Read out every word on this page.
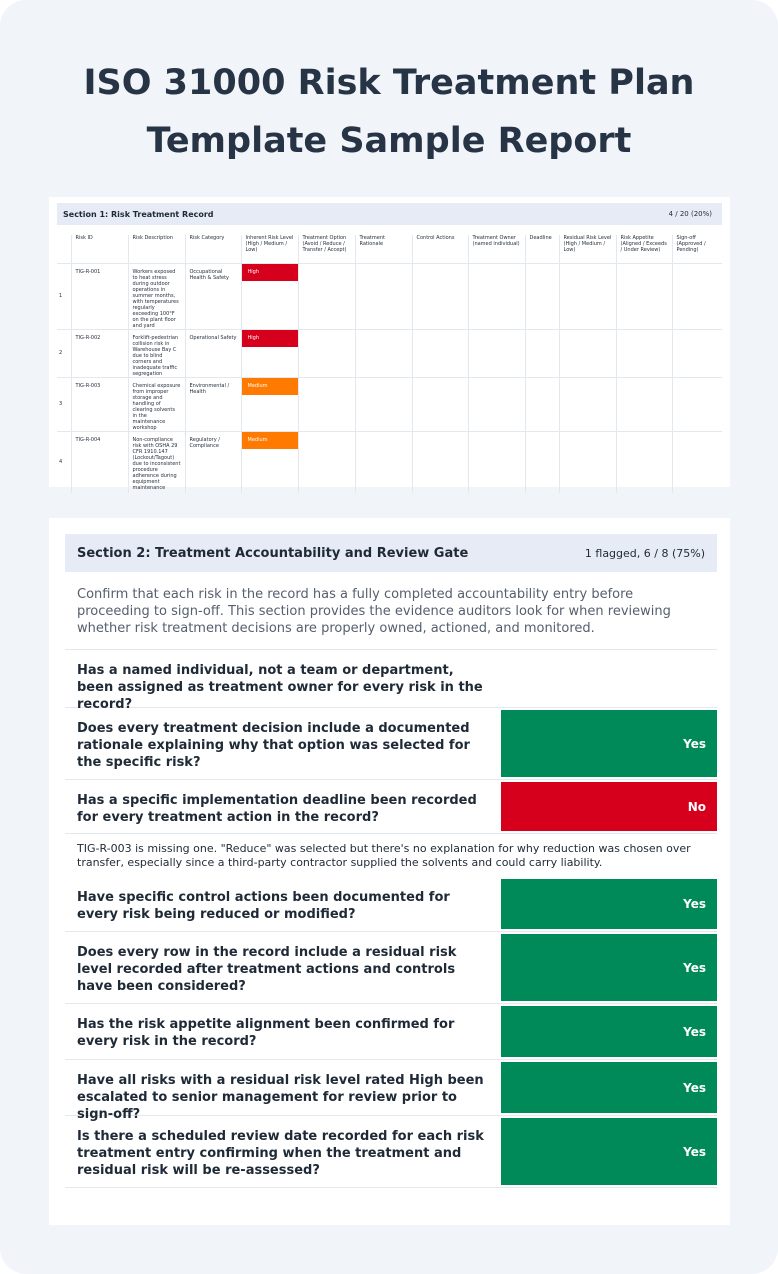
ISO 31000 Risk Treatment Plan
Template Sample Report
Section 1: Risk Treatment Record	4 / 20 (20%)
	Risk ID	Risk Description	Risk Category	Inherent Risk Level (High / Medium / Low)	Treatment Option (Avoid / Reduce / Transfer / Accept)	Treatment Rationale	Control Actions	Treatment Owner (named individual)	Deadline	Residual Risk Level (High / Medium / Low)	Risk Appetite (Aligned / Exceeds / Under Review)	Sign-off (Approved / Pending)
1	TIG-R-001	Workers exposed to heat stress during outdoor operations in summer months, with temperatures regularly exceeding 100°F on the plant floor and yard	Occupational Health & Safety	High								

2	TIG-R-002	Forklift-pedestrian collision risk in Warehouse Bay C due to blind corners and inadequate traffic segregation	Operational Safety	High								

3	TIG-R-003	Chemical exposure from improper storage and handling of clearing solvents in the maintenance workshop	Environmental / Health	Medium								

4	TIG-R-004	Non-compliance risk with OSHA 29 CFR 1910.147 (Lockout/Tagout) due to inconsistent procedure adherence during equipment maintenance	Regulatory / Compliance	Medium								

Section 2: Treatment Accountability and Review Gate	1 flagged, 6 / 8 (75%)

Confirm that each risk in the record has a fully completed accountability entry before proceeding to sign-off. This section provides the evidence auditors look for when reviewing whether risk treatment decisions are properly owned, actioned, and monitored.

Has a named individual, not a team or department, been assigned as treatment owner for every risk in the record?
Does every treatment decision include a documented rationale explaining why that option was selected for the specific risk?
Yes
Has a specific implementation deadline been recorded for every treatment action in the record?
No
TIG-R-003 is missing one. "Reduce" was selected but there's no explanation for why reduction was chosen over transfer, especially since a third-party contractor supplied the solvents and could carry liability.
Have specific control actions been documented for every risk being reduced or modified?
Yes
Does every row in the record include a residual risk level recorded after treatment actions and controls have been considered?
Yes
Has the risk appetite alignment been confirmed for every risk in the record?
Yes
Have all risks with a residual risk level rated High been escalated to senior management for review prior to sign-off?
Yes
Is there a scheduled review date recorded for each risk treatment entry confirming when the treatment and residual risk will be re-assessed?
Yes
